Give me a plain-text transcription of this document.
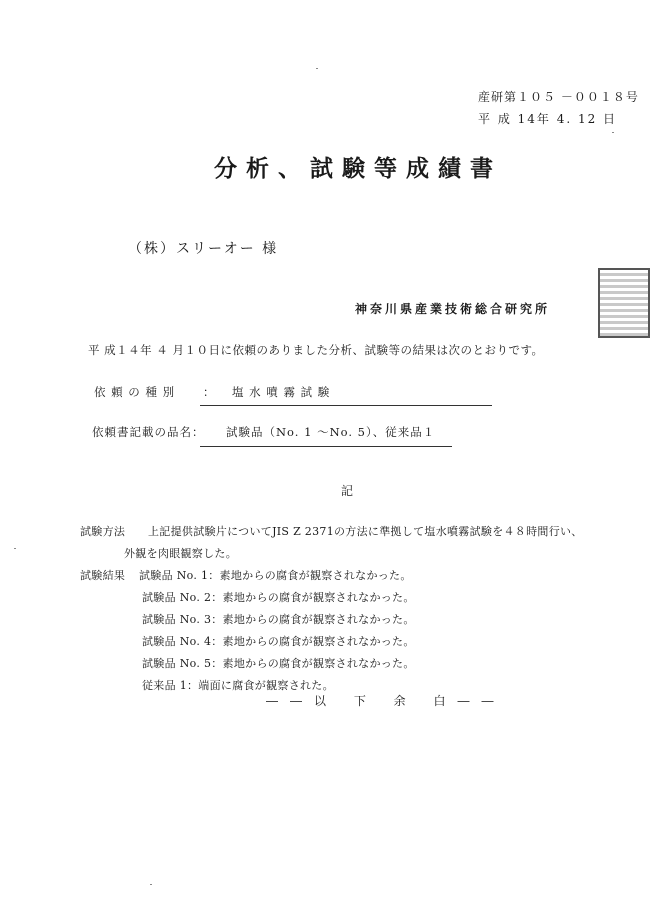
産研第１０５ －００１８号
平 成 14年 4. 12 日
分析、試験等成績書
（株）スリーオー 様
神奈川県産業技術総合研究所
平 成１４年 ４ 月１０日に依頼のありました分析、試験等の結果は次のとおりです。
依 頼 の 種 別 ： 塩 水 噴 霧 試 験
依頼書記載の品名： 試験品（No. 1 ～No. 5）、従来品１
記
試験方法 上記提供試験片についてJIS Z 2371の方法に準拠して塩水噴霧試験を４８時間行い、
外観を肉眼観察した。
試験結果 試験品 No. 1：素地からの腐食が観察されなかった。
試験品 No. 2：素地からの腐食が観察されなかった。
試験品 No. 3：素地からの腐食が観察されなかった。
試験品 No. 4：素地からの腐食が観察されなかった。
試験品 No. 5：素地からの腐食が観察されなかった。
従来品 1：端面に腐食が観察された。
――以 下 余 白――
